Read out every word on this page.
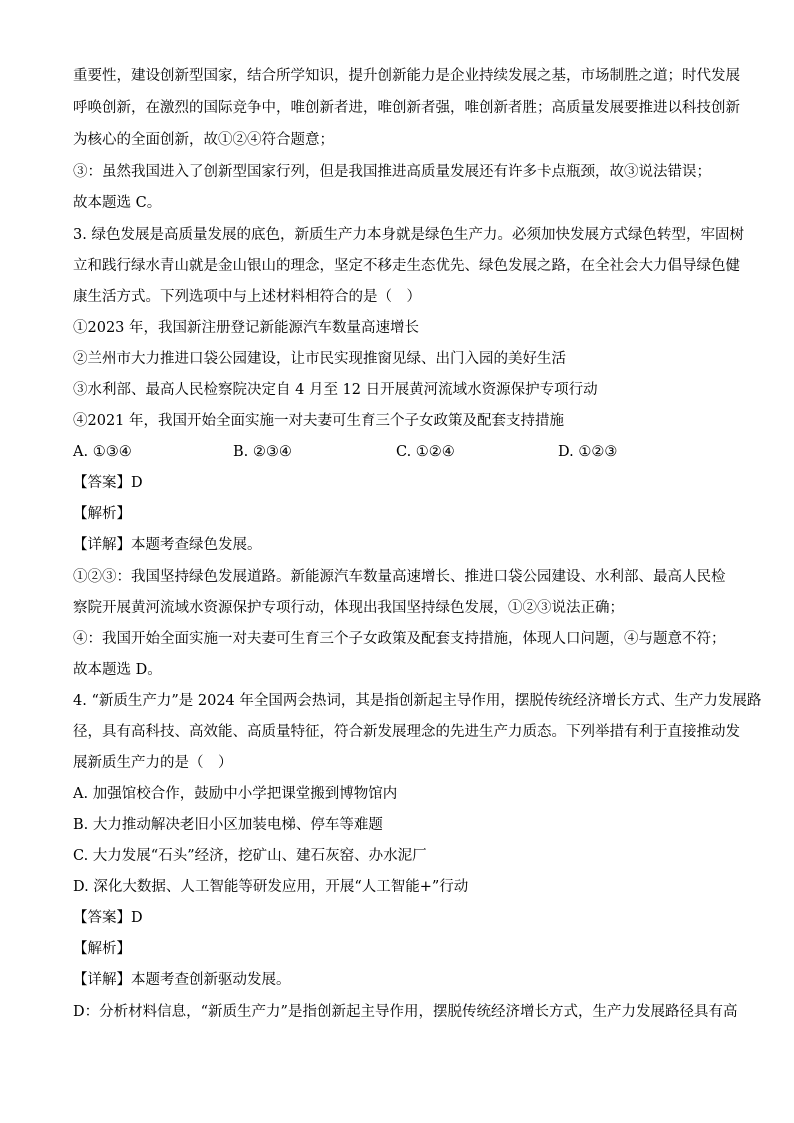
重要性，建设创新型国家，结合所学知识，提升创新能力是企业持续发展之基，市场制胜之道；时代发展
呼唤创新，在激烈的国际竞争中，唯创新者进，唯创新者强，唯创新者胜；高质量发展要推进以科技创新
为核心的全面创新，故①②④符合题意；
③：虽然我国进入了创新型国家行列，但是我国推进高质量发展还有许多卡点瓶颈，故③说法错误；
故本题选 C。
3. 绿色发展是高质量发展的底色，新质生产力本身就是绿色生产力。必须加快发展方式绿色转型，牢固树
立和践行绿水青山就是金山银山的理念，坚定不移走生态优先、绿色发展之路，在全社会大力倡导绿色健
康生活方式。下列选项中与上述材料相符合的是（　）
①2023 年，我国新注册登记新能源汽车数量高速增长
②兰州市大力推进口袋公园建设，让市民实现推窗见绿、出门入园的美好生活
③水利部、最高人民检察院决定自 4 月至 12 日开展黄河流域水资源保护专项行动
④2021 年，我国开始全面实施一对夫妻可生育三个子女政策及配套支持措施
A. ①③④	B. ②③④	C. ①②④	D. ①②③
【答案】D
【解析】
【详解】本题考查绿色发展。
①②③：我国坚持绿色发展道路。新能源汽车数量高速增长、推进口袋公园建设、水利部、最高人民检
察院开展黄河流域水资源保护专项行动，体现出我国坚持绿色发展，①②③说法正确；
④：我国开始全面实施一对夫妻可生育三个子女政策及配套支持措施，体现人口问题，④与题意不符；
故本题选 D。
4. “新质生产力”是 2024 年全国两会热词，其是指创新起主导作用，摆脱传统经济增长方式、生产力发展路
径，具有高科技、高效能、高质量特征，符合新发展理念的先进生产力质态。下列举措有利于直接推动发
展新质生产力的是（　）
A. 加强馆校合作，鼓励中小学把课堂搬到博物馆内
B. 大力推动解决老旧小区加装电梯、停车等难题
C. 大力发展“石头”经济，挖矿山、建石灰窑、办水泥厂
D. 深化大数据、人工智能等研发应用，开展“人工智能+”行动
【答案】D
【解析】
【详解】本题考查创新驱动发展。
D：分析材料信息，“新质生产力”是指创新起主导作用，摆脱传统经济增长方式，生产力发展路径具有高
